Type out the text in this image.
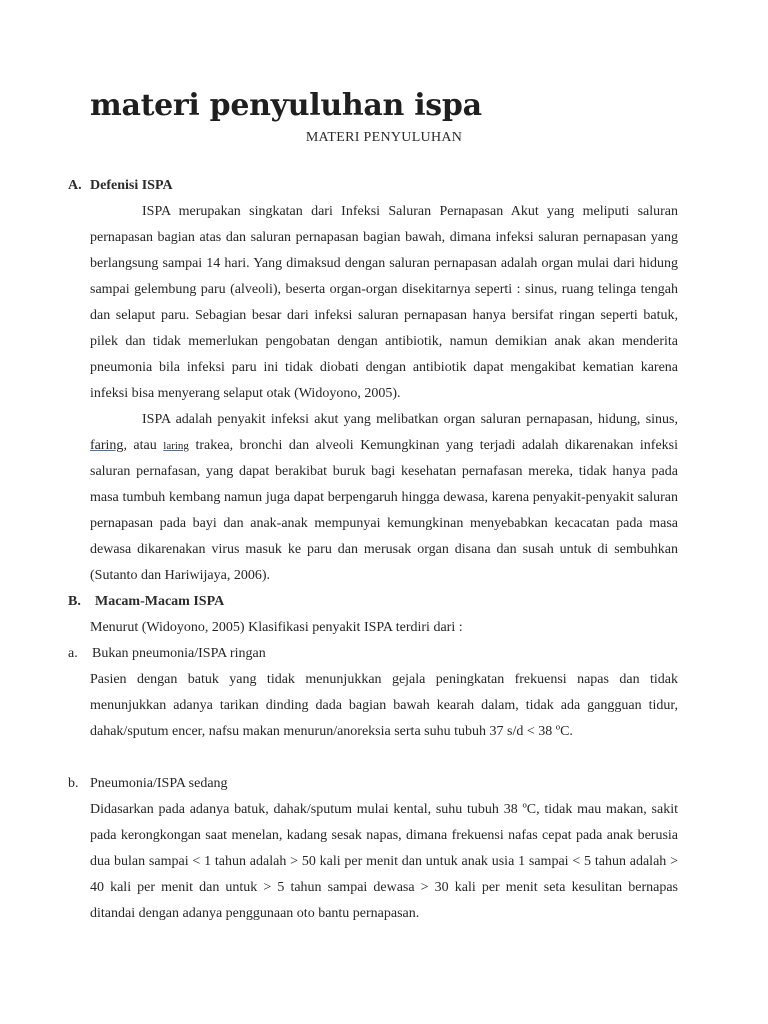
materi penyuluhan ispa
MATERI PENYULUHAN
A. Defenisi ISPA

ISPA merupakan singkatan dari Infeksi Saluran Pernapasan Akut yang meliputi saluran pernapasan bagian atas dan saluran pernapasan bagian bawah, dimana infeksi saluran pernapasan yang berlangsung sampai 14 hari. Yang dimaksud dengan saluran pernapasan adalah organ mulai dari hidung sampai gelembung paru (alveoli), beserta organ-organ disekitarnya seperti : sinus, ruang telinga tengah dan selaput paru. Sebagian besar dari infeksi saluran pernapasan hanya bersifat ringan seperti batuk, pilek dan tidak memerlukan pengobatan dengan antibiotik, namun demikian anak akan menderita pneumonia bila infeksi paru ini tidak diobati dengan antibiotik dapat mengakibat kematian karena infeksi bisa menyerang selaput otak (Widoyono, 2005).

ISPA adalah penyakit infeksi akut yang melibatkan organ saluran pernapasan, hidung, sinus, faring, atau laring trakea, bronchi dan alveoli Kemungkinan yang terjadi adalah dikarenakan infeksi saluran pernafasan, yang dapat berakibat buruk bagi kesehatan pernafasan mereka, tidak hanya pada masa tumbuh kembang namun juga dapat berpengaruh hingga dewasa, karena penyakit-penyakit saluran pernapasan pada bayi dan anak-anak mempunyai kemungkinan menyebabkan kecacatan pada masa dewasa dikarenakan virus masuk ke paru dan merusak organ disana dan susah untuk di sembuhkan (Sutanto dan Hariwijaya, 2006).

B. Macam-Macam ISPA

Menurut (Widoyono, 2005) Klasifikasi penyakit ISPA terdiri dari :

a. Bukan pneumonia/ISPA ringan

Pasien dengan batuk yang tidak menunjukkan gejala peningkatan frekuensi napas dan tidak menunjukkan adanya tarikan dinding dada bagian bawah kearah dalam, tidak ada gangguan tidur, dahak/sputum encer, nafsu makan menurun/anoreksia serta suhu tubuh 37 s/d < 38 ºC.

b. Pneumonia/ISPA sedang

Didasarkan pada adanya batuk, dahak/sputum mulai kental, suhu tubuh 38 ºC, tidak mau makan, sakit pada kerongkongan saat menelan, kadang sesak napas, dimana frekuensi nafas cepat pada anak berusia dua bulan sampai < 1 tahun adalah > 50 kali per menit dan untuk anak usia 1 sampai < 5 tahun adalah > 40 kali per menit dan untuk > 5 tahun sampai dewasa > 30 kali per menit seta kesulitan bernapas ditandai dengan adanya penggunaan oto bantu pernapasan.
